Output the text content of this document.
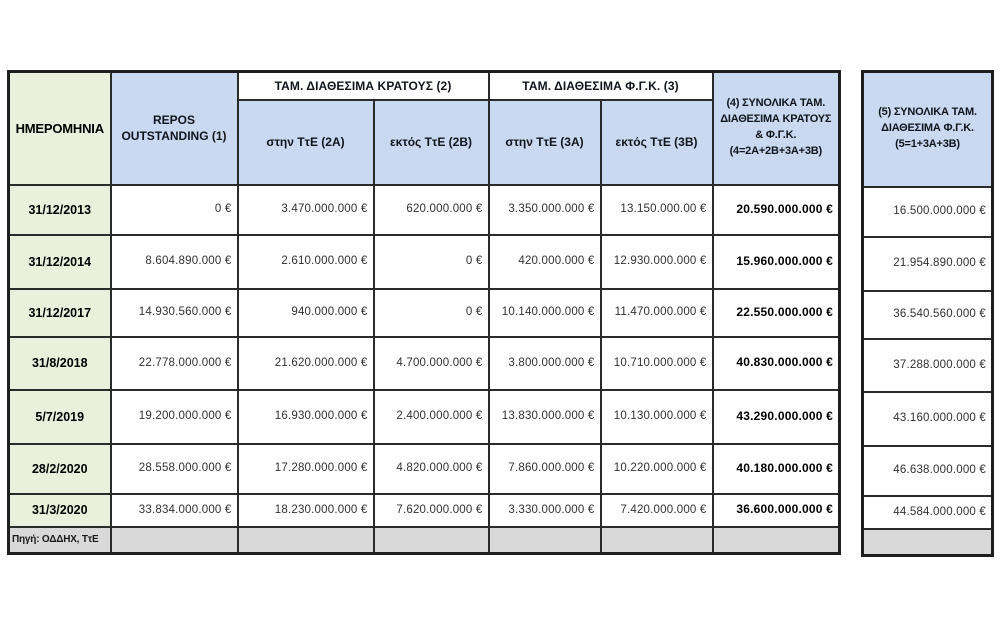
ΗΜΕΡΟΜΗΝΙΑ	REPOS OUTSTANDING (1)	ΤΑΜ. ΔΙΑΘΕΣΙΜΑ ΚΡΑΤΟΥΣ (2)		ΤΑΜ. ΔΙΑΘΕΣΙΜΑ Φ.Γ.Κ. (3)		(4) ΣΥΝΟΛΙΚΑ ΤΑΜ. ΔΙΑΘΕΣΙΜΑ ΚΡΑΤΟΥΣ & Φ.Γ.Κ. (4=2Α+2Β+3Α+3Β)
		στην ΤτΕ (2Α)	εκτός ΤτΕ (2Β)	στην ΤτΕ (3Α)	εκτός ΤτΕ (3Β)	
31/12/2013	0 €	3.470.000.000 €	620.000.000 €	3.350.000.000 €	13.150.000.00 €	20.590.000.000 €
31/12/2014	8.604.890.000 €	2.610.000.000 €	0 €	420.000.000 €	12.930.000.000 €	15.960.000.000 €
31/12/2017	14.930.560.000 €	940.000.000 €	0 €	10.140.000.000 €	11.470.000.000 €	22.550.000.000 €
31/8/2018	22.778.000.000 €	21.620.000.000 €	4.700.000.000 €	3.800.000.000 €	10.710.000.000 €	40.830.000.000 €
5/7/2019	19.200.000.000 €	16.930.000.000 €	2.400.000.000 €	13.830.000.000 €	10.130.000.000 €	43.290.000.000 €
28/2/2020	28.558.000.000 €	17.280.000.000 €	4.820.000.000 €	7.860.000.000 €	10.220.000.000 €	40.180.000.000 €
31/3/2020	33.834.000.000 €	18.230.000.000 €	7.620.000.000 €	3.330.000.000 €	7.420.000.000 €	36.600.000.000 €
Πηγή: ΟΔΔΗΧ, ΤτΕ						
(5) ΣΥΝΟΛΙΚΑ ΤΑΜ. ΔΙΑΘΕΣΙΜΑ Φ.Γ.Κ. (5=1+3Α+3Β)
16.500.000.000 €
21.954.890.000 €
36.540.560.000 €
37.288.000.000 €
43.160.000.000 €
46.638.000.000 €
44.584.000.000 €
